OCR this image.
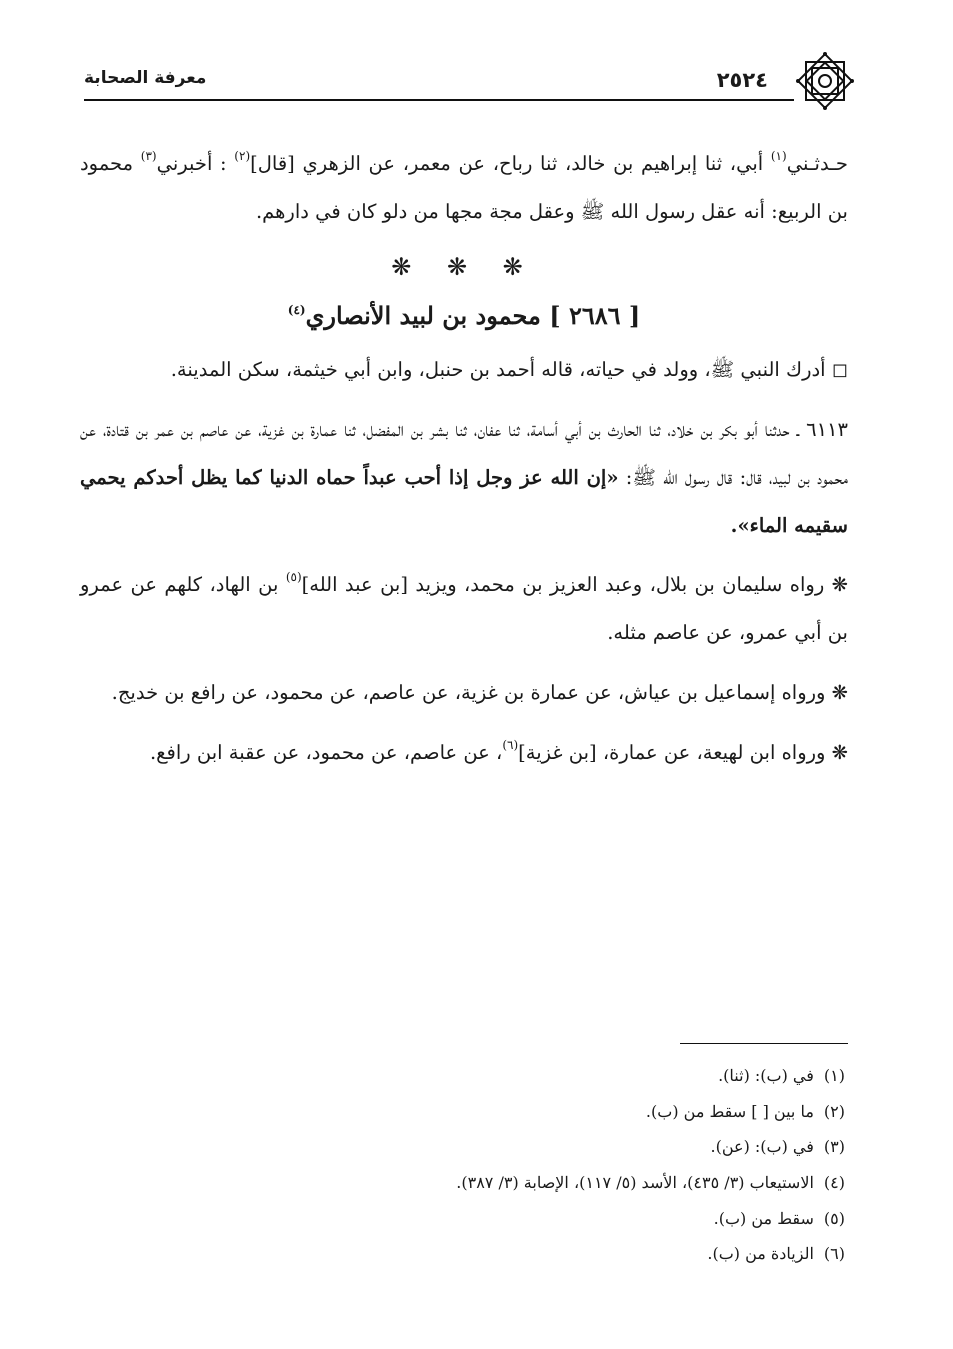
معرفة الصحابة	٢٥٢٤

حـدثـني$^{(١)}$ أبي، ثنا إبراهيم بن خالد، ثنا رباح، عن معمر، عن الزهري [قال]$^{(٢)}$ : أخبرني$^{(٣)}$ محمود بن الربيع: أنه عقل رسول الله ﷺ وعقل مجة مجها من دلو كان في دارهم.

❋ ❋ ❋
[ ٢٦٨٦ ] محمود بن لبيد الأنصاري$^{(٤)}$

◻ أدرك النبي ﷺ، وولد في حياته، قاله أحمد بن حنبل، وابن أبي خيثمة، سكن المدينة.

٦١١٣ ـ حدثنا أبو بكر بن خلاد، ثنا الحارث بن أبي أسامة، ثنا عفان، ثنا بشر بن المفضل، ثنا عمارة بن غزية، عن عاصم بن عمر بن قتادة، عن محمود بن لبيد، قال: قال رسول الله ﷺ: «إن الله عز وجل إذا أحب عبداً حماه الدنيا كما يظل أحدكم يحمي سقيمه الماء».

❋ رواه سليمان بن بلال، وعبد العزيز بن محمد، ويزيد [بن عبد الله]$^{(٥)}$ بن الهاد، كلهم عن عمرو بن أبي عمرو، عن عاصم مثله.

❋ ورواه إسماعيل بن عياش، عن عمارة بن غزية، عن عاصم، عن محمود، عن رافع بن خديج.

❋ ورواه ابن لهيعة، عن عمارة، [بن غزية]$^{(٦)}$، عن عاصم، عن محمود، عن عقبة ابن رافع.

(١)في (ب): (ثنا).
(٢)ما بين [ ] سقط من (ب).
(٣)في (ب): (عن).
(٤)الاستيعاب (٣/ ٤٣٥)، الأسد (٥/ ١١٧)، الإصابة (٣/ ٣٨٧).
(٥)سقط من (ب).
(٦)الزيادة من (ب).
